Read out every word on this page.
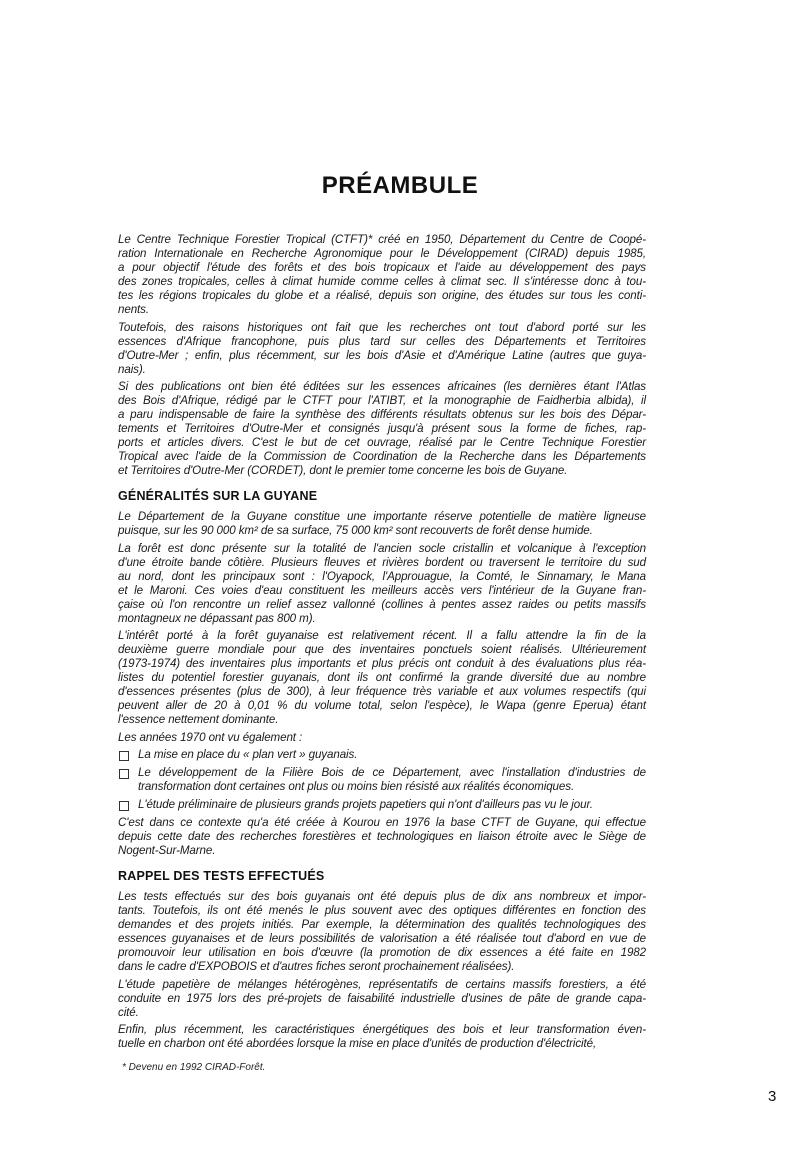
PRÉAMBULE
Le Centre Technique Forestier Tropical (CTFT)* créé en 1950, Département du Centre de Coopé-
ration Internationale en Recherche Agronomique pour le Développement (CIRAD) depuis 1985,
a pour objectif l'étude des forêts et des bois tropicaux et l'aide au développement des pays
des zones tropicales, celles à climat humide comme celles à climat sec. Il s'intéresse donc à tou-
tes les régions tropicales du globe et a réalisé, depuis son origine, des études sur tous les conti-
nents.
Toutefois, des raisons historiques ont fait que les recherches ont tout d'abord porté sur les
essences d'Afrique francophone, puis plus tard sur celles des Départements et Territoires
d'Outre-Mer ; enfin, plus récemment, sur les bois d'Asie et d'Amérique Latine (autres que guya-
nais).
Si des publications ont bien été éditées sur les essences africaines (les dernières étant l'Atlas
des Bois d'Afrique, rédigé par le CTFT pour l'ATIBT, et la monographie de Faidherbia albida), il
a paru indispensable de faire la synthèse des différents résultats obtenus sur les bois des Dépar-
tements et Territoires d'Outre-Mer et consignés jusqu'à présent sous la forme de fiches, rap-
ports et articles divers. C'est le but de cet ouvrage, réalisé par le Centre Technique Forestier
Tropical avec l'aide de la Commission de Coordination de la Recherche dans les Départements
et Territoires d'Outre-Mer (CORDET), dont le premier tome concerne les bois de Guyane.
GÉNÉRALITÉS SUR LA GUYANE
Le Département de la Guyane constitue une importante réserve potentielle de matière ligneuse
puisque, sur les 90 000 km² de sa surface, 75 000 km² sont recouverts de forêt dense humide.
La forêt est donc présente sur la totalité de l'ancien socle cristallin et volcanique à l'exception
d'une étroite bande côtière. Plusieurs fleuves et rivières bordent ou traversent le territoire du sud
au nord, dont les principaux sont : l'Oyapock, l'Approuague, la Comté, le Sinnamary, le Mana
et le Maroni. Ces voies d'eau constituent les meilleurs accès vers l'intérieur de la Guyane fran-
çaise où l'on rencontre un relief assez vallonné (collines à pentes assez raides ou petits massifs
montagneux ne dépassant pas 800 m).
L'intérêt porté à la forêt guyanaise est relativement récent. Il a fallu attendre la fin de la
deuxième guerre mondiale pour que des inventaires ponctuels soient réalisés. Ultérieurement
(1973-1974) des inventaires plus importants et plus précis ont conduit à des évaluations plus réa-
listes du potentiel forestier guyanais, dont ils ont confirmé la grande diversité due au nombre
d'essences présentes (plus de 300), à leur fréquence très variable et aux volumes respectifs (qui
peuvent aller de 20 à 0,01 % du volume total, selon l'espèce), le Wapa (genre Eperua) étant
l'essence nettement dominante.
Les années 1970 ont vu également :
La mise en place du « plan vert » guyanais.
Le développement de la Filière Bois de ce Département, avec l'installation d'industries de
transformation dont certaines ont plus ou moins bien résisté aux réalités économiques.
L'étude préliminaire de plusieurs grands projets papetiers qui n'ont d'ailleurs pas vu le jour.
C'est dans ce contexte qu'a été créée à Kourou en 1976 la base CTFT de Guyane, qui effectue
depuis cette date des recherches forestières et technologiques en liaison étroite avec le Siège de
Nogent-Sur-Marne.
RAPPEL DES TESTS EFFECTUÉS
Les tests effectués sur des bois guyanais ont été depuis plus de dix ans nombreux et impor-
tants. Toutefois, ils ont été menés le plus souvent avec des optiques différentes en fonction des
demandes et des projets initiés. Par exemple, la détermination des qualités technologiques des
essences guyanaises et de leurs possibilités de valorisation a été réalisée tout d'abord en vue de
promouvoir leur utilisation en bois d'œuvre (la promotion de dix essences a été faite en 1982
dans le cadre d'EXPOBOIS et d'autres fiches seront prochainement réalisées).
L'étude papetière de mélanges hétérogènes, représentatifs de certains massifs forestiers, a été
conduite en 1975 lors des pré-projets de faisabilité industrielle d'usines de pâte de grande capa-
cité.
Enfin, plus récemment, les caractéristiques énergétiques des bois et leur transformation éven-
tuelle en charbon ont été abordées lorsque la mise en place d'unités de production d'électricité,
* Devenu en 1992 CIRAD-Forêt.
3
